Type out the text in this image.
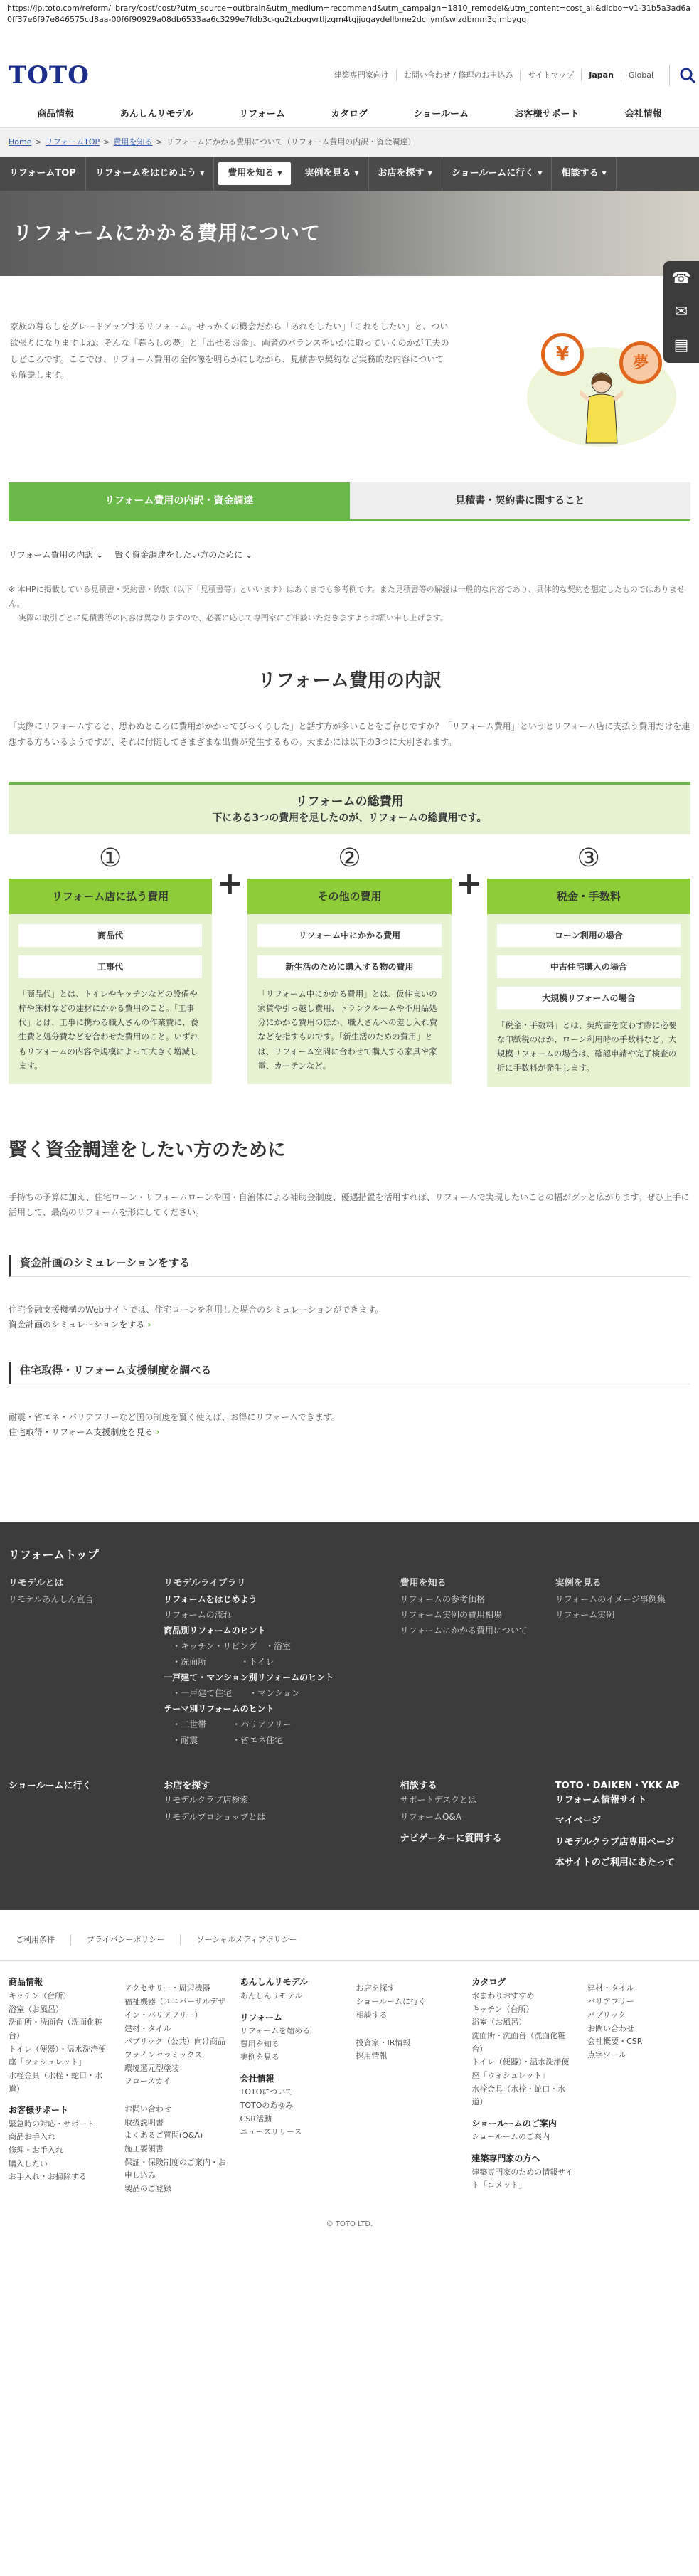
https://jp.toto.com/reform/library/cost/cost/?utm_source=outbrain&utm_medium=recommend&utm_campaign=1810_remodel&utm_content=cost_all&dicbo=v1-31b5a3ad6a0ff37e6f97e846575cd8aa-00f6f90929a08db6533aa6c3299e7fdb3c-gu2tzbugvrtljzgm4tgjjugaydellbme2dcljymfswizdbmm3gimbygq
TOTO	建築専門家向け	お問い合わせ / 修理のお申込み	サイトマップ	Japan	Global
商品情報	あんしんリモデル	リフォーム	カタログ	ショールーム	お客様サポート	会社情報
Home > リフォームTOP > 費用を知る > リフォームにかかる費用について（リフォーム費用の内訳・資金調達）
リフォームTOP	リフォームをはじめよう ▼	費用を知る ▼	実例を見る ▼	お店を探す ▼	ショールームに行く ▼	相談する ▼
リフォームにかかる費用について
☎
✉
▤

家族の暮らしをグレードアップするリフォーム。せっかくの機会だから「あれもしたい」「これもしたい」と、つい欲張りになりますよね。そんな「暮らしの夢」と「出せるお金」、両者のバランスをいかに取っていくのかが工夫のしどころです。ここでは、リフォーム費用の全体像を明らかにしながら、見積書や契約など実務的な内容についても解説します。

¥	夢
リフォーム費用の内訳・資金調達	見積書・契約書に関すること
リフォーム費用の内訳 ⌄	賢く資金調達をしたい方のために ⌄
※ 本HPに掲載している見積書・契約書・約款（以下「見積書等」といいます）はあくまでも参考例です。また見積書等の解説は一般的な内容であり、具体的な契約を想定したものではありません。
実際の取引ごとに見積書等の内容は異なりますので、必要に応じて専門家にご相談いただきますようお願い申し上げます。
リフォーム費用の内訳

「実際にリフォームすると、思わぬところに費用がかかってびっくりした」と話す方が多いことをご存じですか？「リフォーム費用」というとリフォーム店に支払う費用だけを連想する方もいるようですが、それに付随してさまざまな出費が発生するもの。大まかには以下の3つに大別されます。

リフォームの総費用
下にある3つの費用を足したのが、リフォームの総費用です。
①
リフォーム店に払う費用
商品代
工事代

「商品代」とは、トイレやキッチンなどの設備や枠や床材などの建材にかかる費用のこと。「工事代」とは、工事に携わる職人さんの作業費に、養生費と処分費などを合わせた費用のこと。いずれもリフォームの内容や規模によって大きく増減します。

+
②
その他の費用
リフォーム中にかかる費用
新生活のために購入する物の費用

「リフォーム中にかかる費用」とは、仮住まいの家賃や引っ越し費用、トランクルームや不用品処分にかかる費用のほか、職人さんへの差し入れ費などを指すものです。「新生活のための費用」とは、リフォーム空間に合わせて購入する家具や家電、カーテンなど。

+
③
税金・手数料
ローン利用の場合
中古住宅購入の場合
大規模リフォームの場合

「税金・手数料」とは、契約書を交わす際に必要な印紙税のほか、ローン利用時の手数料など。大規模リフォームの場合は、確認申請や完了検査の折に手数料が発生します。

賢く資金調達をしたい方のために

手持ちの予算に加え、住宅ローン・リフォームローンや国・自治体による補助金制度、優遇措置を活用すれば、リフォームで実現したいことの幅がグッと広がります。ぜひ上手に活用して、最高のリフォームを形にしてください。

資金計画のシミュレーションをする

住宅金融支援機構のWebサイトでは、住宅ローンを利用した場合のシミュレーションができます。

資金計画のシミュレーションをする ›
住宅取得・リフォーム支援制度を調べる

耐震・省エネ・バリアフリーなど国の制度を賢く使えば、お得にリフォームできます。

住宅取得・リフォーム支援制度を見る ›
リフォームトップ
リモデルとは
リモデルあんしん宣言
リモデルライブラリ
リフォームをはじめよう
リフォームの流れ
商品別リフォームのヒント
・キッチン・リビング　・浴室
・洗面所　　　　・トイレ
一戸建て・マンション別リフォームのヒント
・一戸建て住宅　　・マンション
テーマ別リフォームのヒント
・二世帯　　　・バリアフリー
・耐震　　　　・省エネ住宅
費用を知る
リフォームの参考価格
リフォーム実例の費用相場
リフォームにかかる費用について
実例を見る
リフォームのイメージ事例集
リフォーム実例
ショールームに行く	お店を探す
リモデルクラブ店検索
リモデルプロショップとは
相談する
サポートデスクとは
リフォームQ&A
ナビゲーターに質問する
TOTO・DAIKEN・YKK AP リフォーム情報サイト
マイページ
リモデルクラブ店専用ページ
本サイトのご利用にあたって
ご利用条件	プライバシーポリシー	ソーシャルメディアポリシー
商品情報
キッチン（台所）
浴室（お風呂）
洗面所・洗面台（洗面化粧台）
トイレ（便器）・温水洗浄便座「ウォシュレット」
水栓金具（水栓・蛇口・水道）
お客様サポート
緊急時の対応・サポート
商品お手入れ
修理・お手入れ
購入したい
お手入れ・お掃除する
アクセサリー・周辺機器
福祉機器（ユニバーサルデザイン・バリアフリー）
建材・タイル
パブリック（公共）向け商品
ファインセラミックス
環境還元型塗装
フロースカイ
お問い合わせ
取扱説明書
よくあるご質問(Q&A)
施工要領書
保証・保険制度のご案内・お申し込み
製品のご登録
あんしんリモデル
あんしんリモデル
リフォーム
リフォームを始める
費用を知る
実例を見る
会社情報
TOTOについて
TOTOのあゆみ
CSR活動
ニュースリリース
お店を探す
ショールームに行く
相談する
投資家・IR情報
採用情報
カタログ
水まわりおすすめ
キッチン（台所）
浴室（お風呂）
洗面所・洗面台（洗面化粧台）
トイレ（便器）・温水洗浄便座「ウォシュレット」
水栓金具（水栓・蛇口・水道）
ショールームのご案内
ショールームのご案内
建築専門家の方へ
建築専門家のための情報サイト「コメット」
建材・タイル
バリアフリー
パブリック
お問い合わせ
会社概要・CSR
点字ツール
© TOTO LTD.
